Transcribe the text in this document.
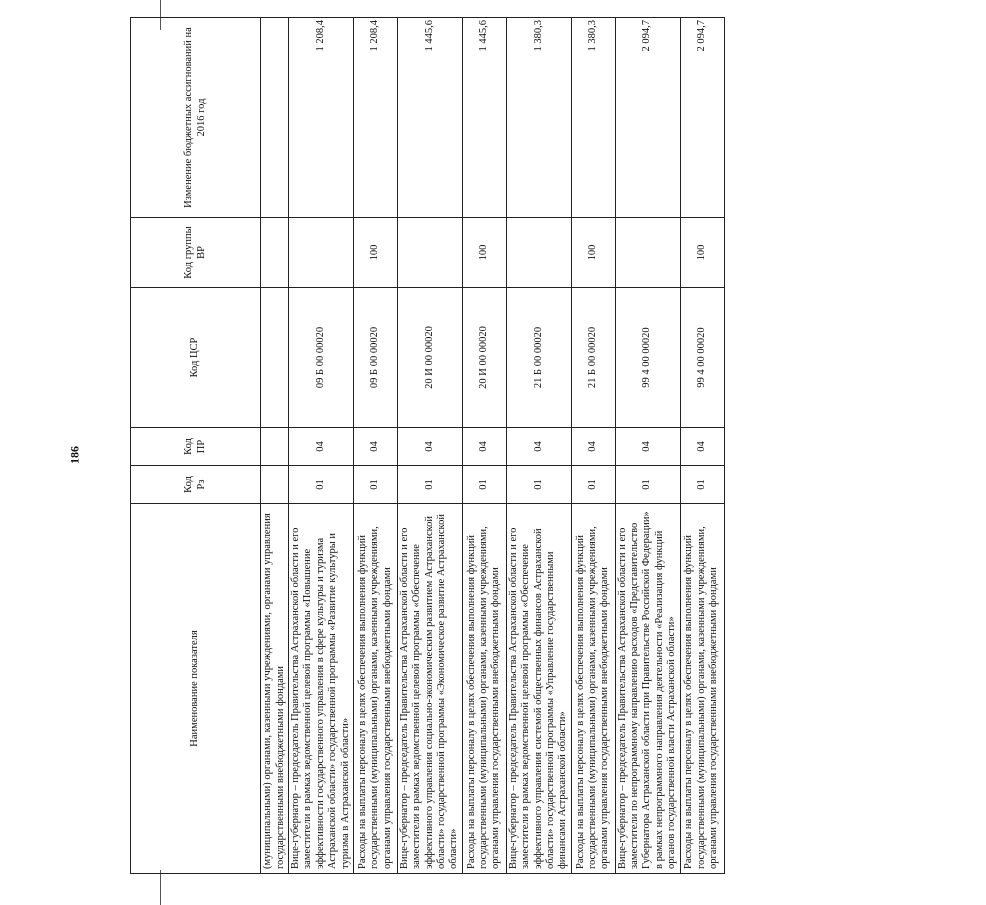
186
Наименование показателя	Код Рз	Код ПР	Код ЦСР	Код группы ВР	Изменение бюджетных ассигнований на 2016 год
(муниципальными) органами, казенными учреждениями, органами управления государственными внебюджетными фондами					
Вице-губернатор – председатель Правительства Астраханской области и его заместители в рамках ведомственной целевой программы «Повышение эффективности государственного управления в сфере культуры и туризма Астраханской области» государственной программы «Развитие культуры и туризма в Астраханской области»	01	04	09 Б 00 00020		1 208,4
Расходы на выплаты персоналу в целях обеспечения выполнения функций государственными (муниципальными) органами, казенными учреждениями, органами управления государственными внебюджетными фондами	01	04	09 Б 00 00020	100	1 208,4
Вице-губернатор – председатель Правительства Астраханской области и его заместители в рамках ведомственной целевой программы «Обеспечение эффективного управления социально-экономическим развитием Астраханской области» государственной программы «Экономическое развитие Астраханской области»	01	04	20 И 00 00020		1 445,6
Расходы на выплаты персоналу в целях обеспечения выполнения функций государственными (муниципальными) органами, казенными учреждениями, органами управления государственными внебюджетными фондами	01	04	20 И 00 00020	100	1 445,6
Вице-губернатор – председатель Правительства Астраханской области и его заместители в рамках ведомственной целевой программы «Обеспечение эффективного управления системой общественных финансов Астраханской области» государственной программы «Управление государственными финансами Астраханской области»	01	04	21 Б 00 00020		1 380,3
Расходы на выплаты персоналу в целях обеспечения выполнения функций государственными (муниципальными) органами, казенными учреждениями, органами управления государственными внебюджетными фондами	01	04	21 Б 00 00020	100	1 380,3
Вице-губернатор – председатель Правительства Астраханской области и его заместители по непрограммному направлению расходов «Представительство Губернатора Астраханской области при Правительстве Российской Федерации» в рамках непрограммного направления деятельности «Реализация функций органов государственной власти Астраханской области»	01	04	99 4 00 00020		2 094,7
Расходы на выплаты персоналу в целях обеспечения выполнения функций государственными (муниципальными) органами, казенными учреждениями, органами управления государственными внебюджетными фондами	01	04	99 4 00 00020	100	2 094,7
